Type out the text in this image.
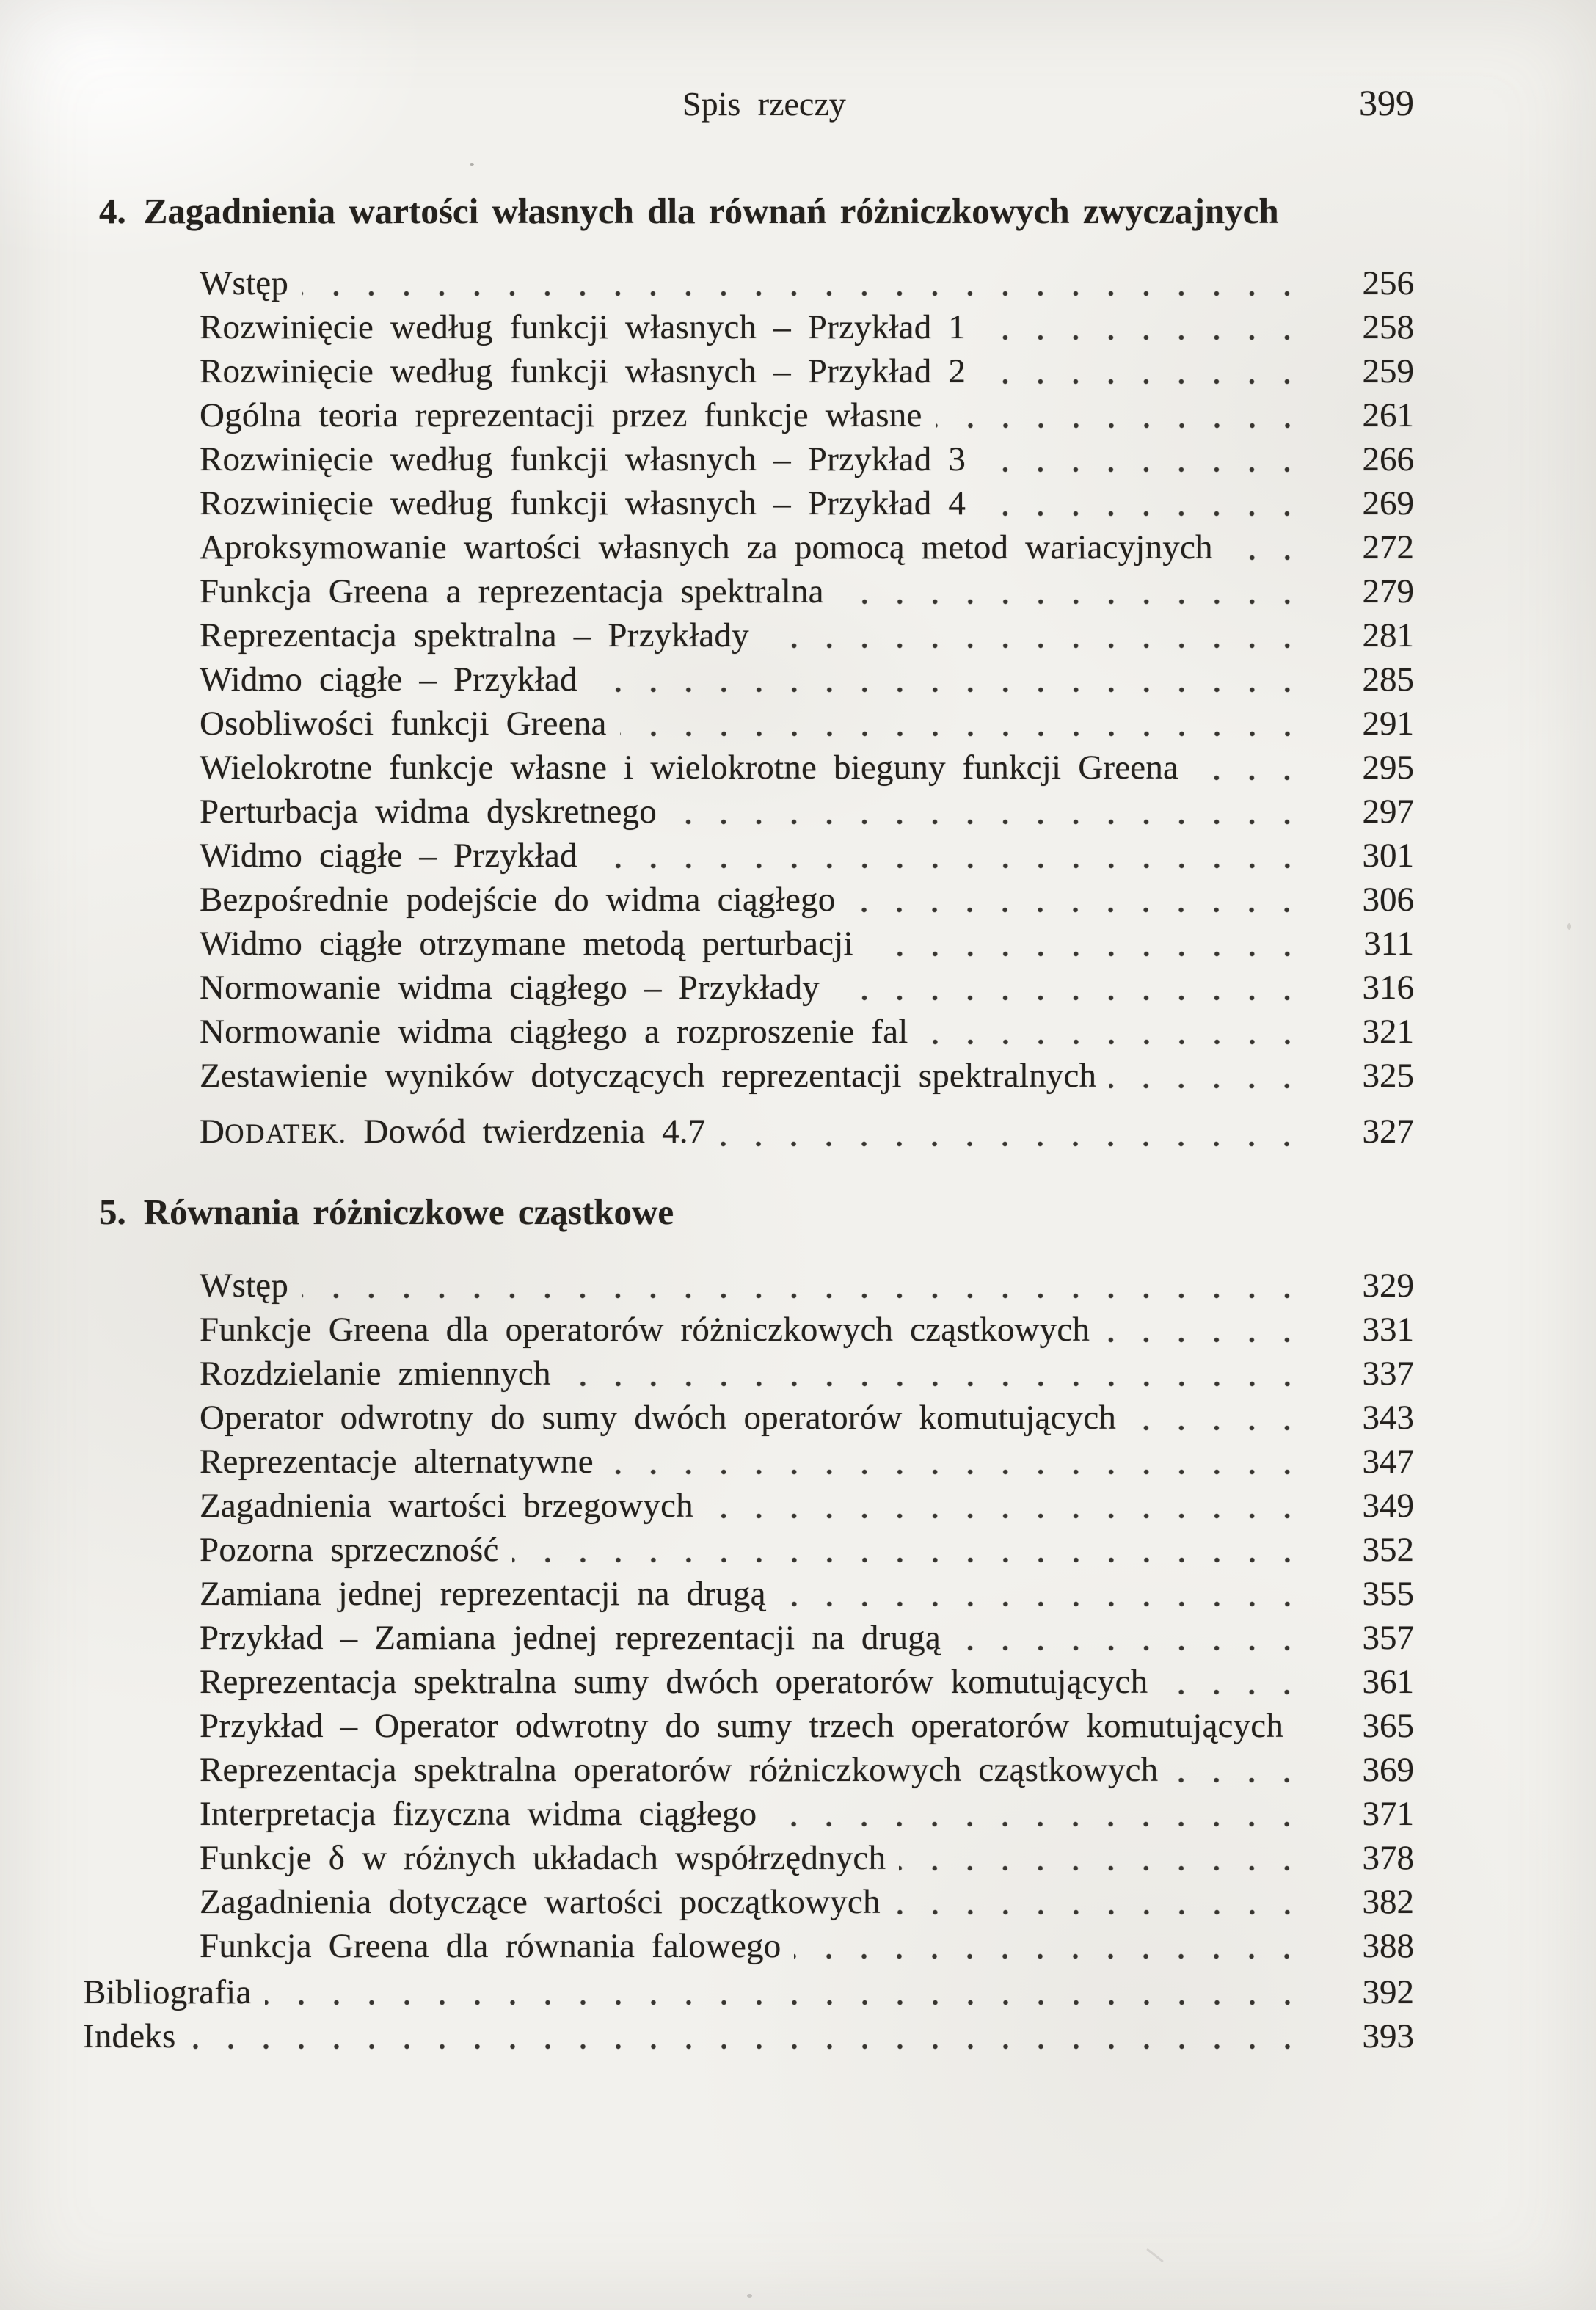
Spis rzeczy	399
4. Zagadnienia wartości własnych dla równań różniczkowych zwyczajnych
Wstęp	256
Rozwinięcie według funkcji własnych – Przykład 1	258
Rozwinięcie według funkcji własnych – Przykład 2	259
Ogólna teoria reprezentacji przez funkcje własne	261
Rozwinięcie według funkcji własnych – Przykład 3	266
Rozwinięcie według funkcji własnych – Przykład 4	269
Aproksymowanie wartości własnych za pomocą metod wariacyjnych	272
Funkcja Greena a reprezentacja spektralna	279
Reprezentacja spektralna – Przykłady	281
Widmo ciągłe – Przykład	285
Osobliwości funkcji Greena	291
Wielokrotne funkcje własne i wielokrotne bieguny funkcji Greena	295
Perturbacja widma dyskretnego	297
Widmo ciągłe – Przykład	301
Bezpośrednie podejście do widma ciągłego	306
Widmo ciągłe otrzymane metodą perturbacji	311
Normowanie widma ciągłego – Przykłady	316
Normowanie widma ciągłego a rozproszenie fal	321
Zestawienie wyników dotyczących reprezentacji spektralnych	325
DODATEK. Dowód twierdzenia 4.7	327
5. Równania różniczkowe cząstkowe
Wstęp	329
Funkcje Greena dla operatorów różniczkowych cząstkowych	331
Rozdzielanie zmiennych	337
Operator odwrotny do sumy dwóch operatorów komutujących	343
Reprezentacje alternatywne	347
Zagadnienia wartości brzegowych	349
Pozorna sprzeczność	352
Zamiana jednej reprezentacji na drugą	355
Przykład – Zamiana jednej reprezentacji na drugą	357
Reprezentacja spektralna sumy dwóch operatorów komutujących	361
Przykład – Operator odwrotny do sumy trzech operatorów komutujących	365
Reprezentacja spektralna operatorów różniczkowych cząstkowych	369
Interpretacja fizyczna widma ciągłego	371
Funkcje δ w różnych układach współrzędnych	378
Zagadnienia dotyczące wartości początkowych	382
Funkcja Greena dla równania falowego	388
Bibliografia	392
Indeks	393
